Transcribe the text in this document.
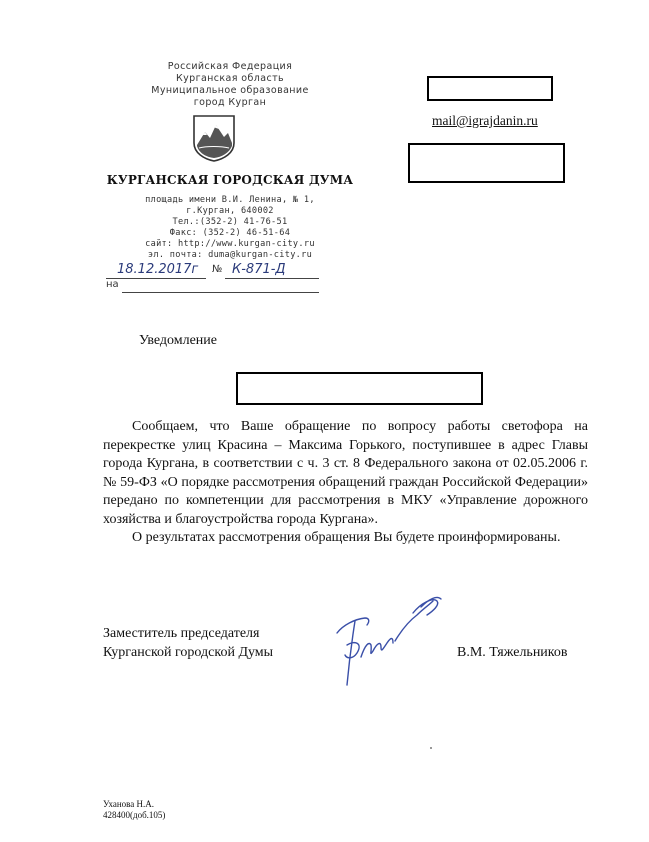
Российская Федерация
Курганская область
Муниципальное образование
город Курган
КУРГАНСКАЯ ГОРОДСКАЯ ДУМА
площадь имени В.И. Ленина, № 1,
г.Курган, 640002
Тел.:(352-2) 41-76-51
Факс: (352-2) 46-51-64
сайт: http://www.kurgan-city.ru
эл. почта: duma@kurgan-city.ru
18.12.2017г № К-871-Д
на
mail@igrajdanin.ru
Уведомление

Сообщаем, что Ваше обращение по вопросу работы светофора на перекрестке улиц Красина – Максима Горького, поступившее в адрес Главы города Кургана, в соответствии с ч. 3 ст. 8 Федерального закона от 02.05.2006 г. № 59-ФЗ «О порядке рассмотрения обращений граждан Российской Федерации» передано по компетенции для рассмотрения в МКУ «Управление дорожного хозяйства и благоустройства города Кургана».

О результатах рассмотрения обращения Вы будете проинформированы.

Заместитель председателя
Курганской городской Думы	В.М. Тяжельников
Уханова Н.А.
428400(доб.105)
